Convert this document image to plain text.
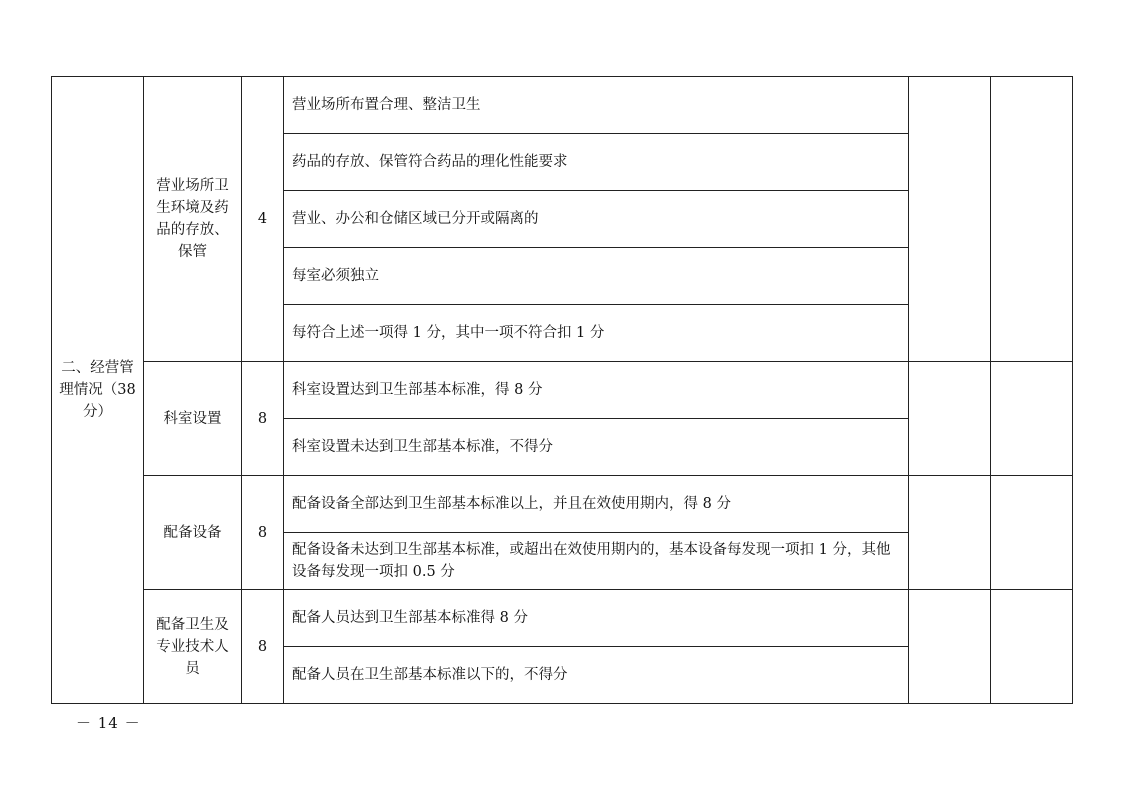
二、经营管理情况（38分）	营业场所卫生环境及药品的存放、保管	4	营业场所布置合理、整洁卫生		
			药品的存放、保管符合药品的理化性能要求		
			营业、办公和仓储区域已分开或隔离的		
			每室必须独立		
			每符合上述一项得 1 分，其中一项不符合扣 1 分		
	科室设置	8	科室设置达到卫生部基本标准，得 8 分		
			科室设置未达到卫生部基本标准，不得分		
	配备设备	8	配备设备全部达到卫生部基本标准以上，并且在效使用期内，得 8 分		
			配备设备未达到卫生部基本标准，或超出在效使用期内的，基本设备每发现一项扣 1 分，其他设备每发现一项扣 0.5 分		
	配备卫生及专业技术人员	8	配备人员达到卫生部基本标准得 8 分		
			配备人员在卫生部基本标准以下的，不得分		
－ 14 －
